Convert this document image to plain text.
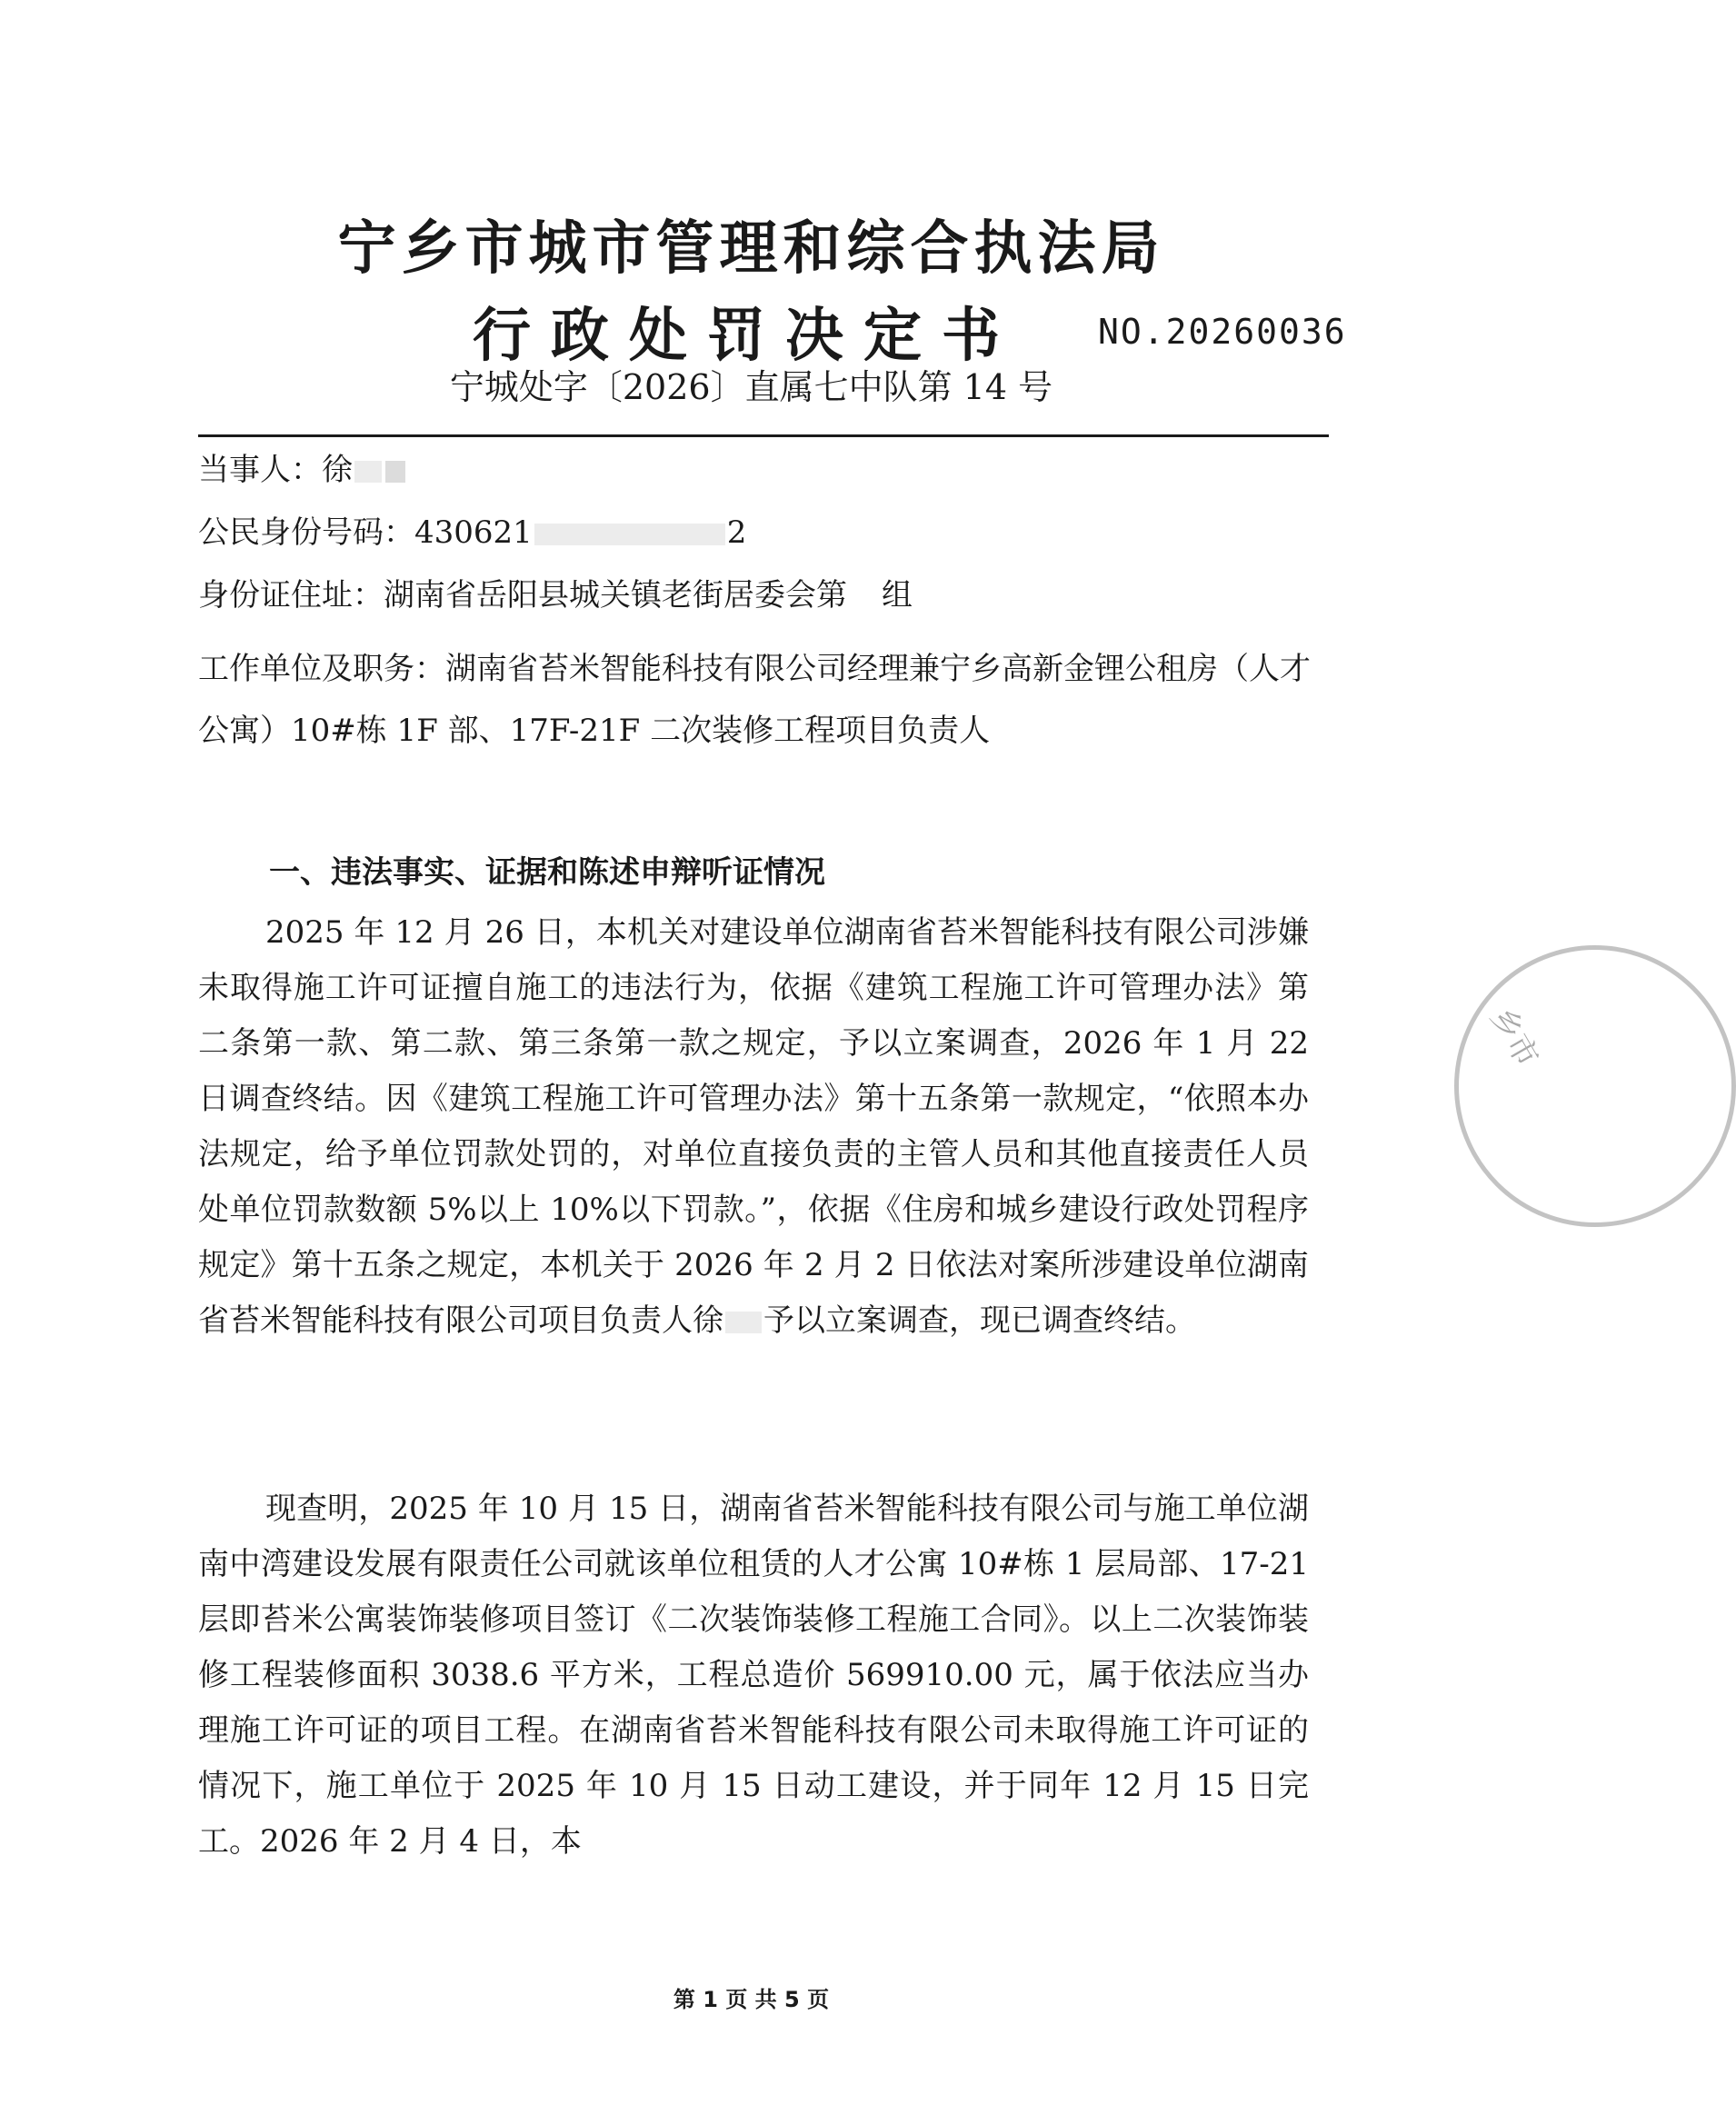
宁乡市城市管理和综合执法局
行政处罚决定书 NO.20260036
宁城处字〔2026〕直属七中队第 14 号
当事人：徐
公民身份号码：430621	2
身份证住址：湖南省岳阳县城关镇老街居委会第 组
工作单位及职务：湖南省苔米智能科技有限公司经理兼宁乡高新金锂公租房（人才公寓）10#栋 1F 部、17F-21F 二次装修工程项目负责人
一、违法事实、证据和陈述申辩听证情况
2025 年 12 月 26 日，本机关对建设单位湖南省苔米智能科技有限公司涉嫌未取得施工许可证擅自施工的违法行为，依据《建筑工程施工许可管理办法》第二条第一款、第二款、第三条第一款之规定，予以立案调查，2026 年 1 月 22 日调查终结。因《建筑工程施工许可管理办法》第十五条第一款规定，“依照本办法规定，给予单位罚款处罚的，对单位直接负责的主管人员和其他直接责任人员处单位罚款数额 5%以上 10%以下罚款。”，依据《住房和城乡建设行政处罚程序规定》第十五条之规定，本机关于 2026 年 2 月 2 日依法对案所涉建设单位湖南省苔米智能科技有限公司项目负责人徐 予以立案调查，现已调查终结。
现查明，2025 年 10 月 15 日，湖南省苔米智能科技有限公司与施工单位湖南中湾建设发展有限责任公司就该单位租赁的人才公寓 10#栋 1 层局部、17-21 层即苔米公寓装饰装修项目签订《二次装饰装修工程施工合同》。以上二次装饰装修工程装修面积 3038.6 平方米，工程总造价 569910.00 元，属于依法应当办理施工许可证的项目工程。在湖南省苔米智能科技有限公司未取得施工许可证的情况下，施工单位于 2025 年 10 月 15 日动工建设，并于同年 12 月 15 日完工。2026 年 2 月 4 日，本
乡市
第 1 页 共 5 页
